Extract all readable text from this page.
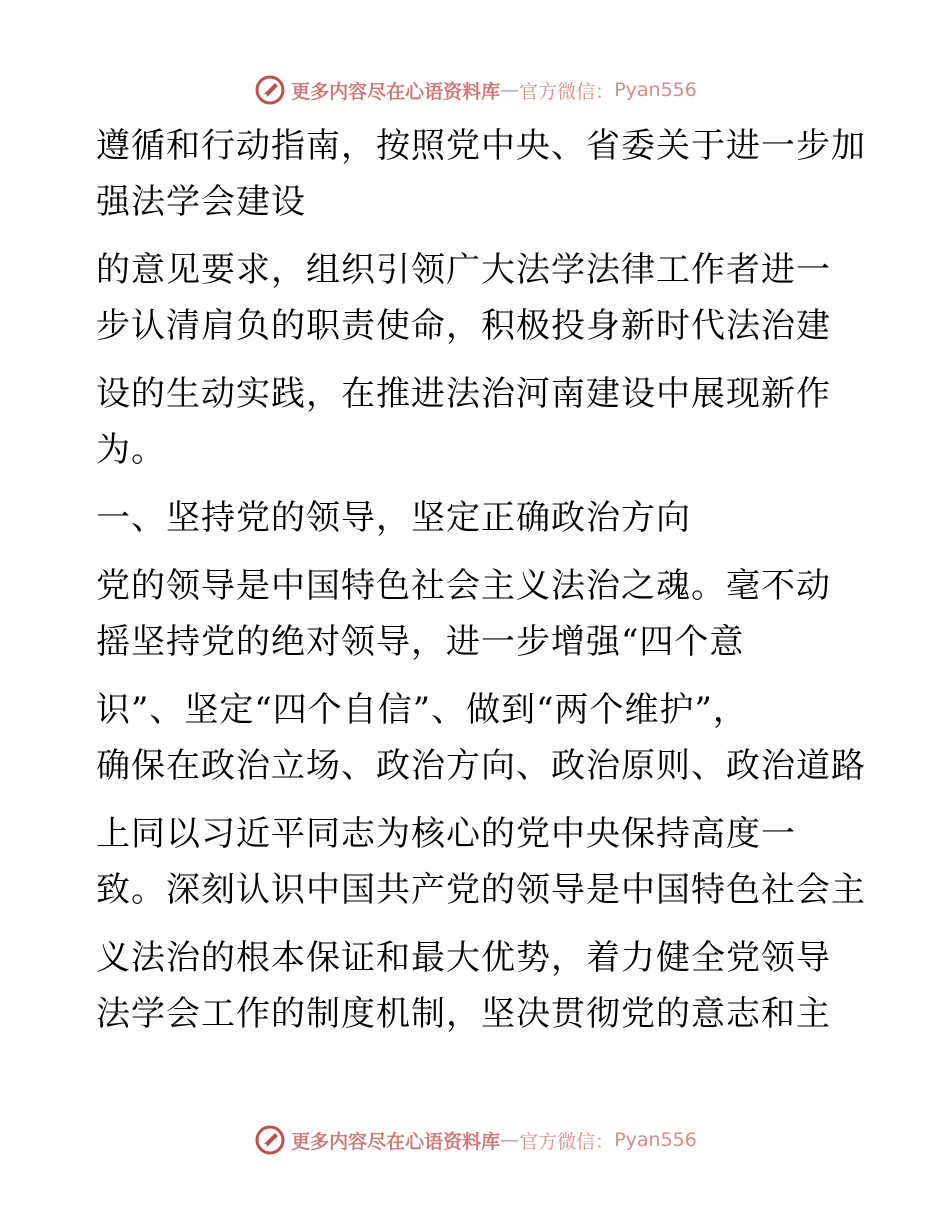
更多内容尽在心语资料库 — 官方微信： Pyan556
遵循和行动指南，按照党中央、省委关于进一步加
强法学会建设
的意见要求，组织引领广大法学法律工作者进一
步认清肩负的职责使命，积极投身新时代法治建
设的生动实践，在推进法治河南建设中展现新作
为。
一、坚持党的领导，坚定正确政治方向
党的领导是中国特色社会主义法治之魂。毫不动
摇坚持党的绝对领导，进一步增强“四个意
识”、坚定“四个自信”、做到“两个维护”，
确保在政治立场、政治方向、政治原则、政治道路
上同以习近平同志为核心的党中央保持高度一
致。深刻认识中国共产党的领导是中国特色社会主
义法治的根本保证和最大优势，着力健全党领导
法学会工作的制度机制，坚决贯彻党的意志和主
更多内容尽在心语资料库 — 官方微信： Pyan556
